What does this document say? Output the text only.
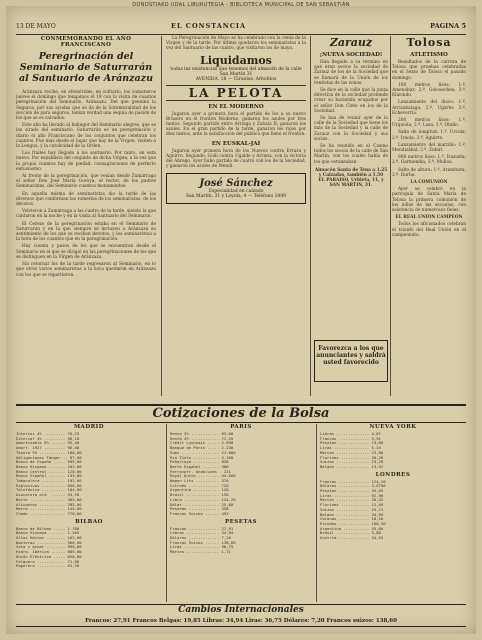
DONOSTIAKO UDAL LIBURUTEGIA - BIBLIOTECA MUNICIPAL DE SAN SEBASTIÁN
13 DE MAYO	EL CONSTANCIA	PAGINA 5
CONMEMORANDO EL AÑO FRANCISCANO
Peregrinación del Seminario de Saturrarán al Santuario de Aránzazu

Aránzazu recibe, en efemérides, en solitario, los comuneros jueves el domingo que tengamos el 19 con la visita de cuantos peregrinación del Seminario, Aránzazu. Del que genuina la Seguros, por sus ayudas que se da de la Sorenteralidad de los sección de para seguros, tenían verdad una sequia de pasión de los que se es salvados.

Este año ha llevado al bahugor del Seminario alegres, que se las sirado del seminario. Saturrarán es un peregrinación y diario el año Franciscano de los conjuntos que celebran los cuantos. Fue más desde el lugar que hay de la Virgen, visiten a la Lengua, y la catolicidad de la Orden.

Los frailes hay llegado a los santuario. Por tanto, en esta nuevo. Por espaldista del conjunto de dicha Virgen, a la vez que la propia cuantos hay de piedad, consagraciones de perfecto entusiasmo.

Al frente de la peregrinación, que venían desde Zumárraga el señor Don José María Goroya, el rector, de los padres Seminaristas, del Seminario cuantos monumentos.

En aquella misma de seminaristas dio la tarde de las diversos que conforman las romerías de los seminaristas, de los devotos.

Volvieron a Zumárraga a las cuatro de la tarde, siendo la que cantaron en la noche y en la visita al Santuario del Seminario.

El Cerezo de la peregrinación estaba en el Seminario de Saturrarán y en la que siempre se incluyen a Aránzazu su sentimiento de los que se reciben devotos, y los seminaristas a la hora de los cuantos que en la peregrinación.

Hay cuenta y pasos de los que se encuentran desde el Seminario en el que se dirigió en las peregrinaciones de los que se distinguen en la Virgen de Aránzazu.

Sin retornar los de la tarde regresaron al Seminario, en lo que otros varios seminaristas a la hora quedaron en Aránzazu con los que se repartieron.

La Peregrinación de Mayo se ha celebrado con la venia de la Virgen y de la tarde. Por último quedaron los seminaristas a la vez del Santuario de las cuatro, que visitaron los de mayo.

Liquidamos
todas las existencias que tenemos del almacén de la calle San Martín 31
AVENIDA, 18 — Ciruelos, Arbolitos
LA PELOTA
EN EL MODERNO

Jugaron ayer a primera hora el partido de los a su nuevo Brasero en el frontón Moderno, ganaron los azules por tres tantos. Segundo partido entre Arriaga y Zabala II; ganaron los azules. En el gran partido de la tarde, ganaron los rojos por diez tantos, ante la satisfacción del público que llenó el frontón.

EN EUSKAL-JAI

Jugaron ayer primera hora de los Nuevos contra Errazu y Aguirre. Segundo, Goñi contra Ugalde y Arrieta, con la victoria del Abrego. Ayer hubo partido de cuatro con los de la Sociedad, y ganaron los azules de Mendi.

José Sánchez
Especialidad en calzado
San Martín, 31 y Loyola, 4 — Teléfono 1009
Zarauz
¡NUEVA SOCIEDAD!

Han llegado a su termino en que eran socios la sociedad de Zarauz de los de la Sociedad que se llamará de la Unión de los rentistas de las zonas.

Se dice en la calle que la junta directiva de la sociedad pretende crear su hacienda ocupados por el señor Don Cleto en los de la Sociedad.

Se han de reunir ayer de la calle de la Sociedad que tiene los más de la Sociedad y la calle de Zarauz con la Sociedad y sus socios.

Se ha reunido en el Casino todos los socios de la calle de San Martín, con los cuales había de los que veraneaban.

Almacén Santa de Tena a 1.25
y Calzadas, también a 1.50
EL PARAISO, Urbieta, 11, y
SAN MARTIN, 31.
Favorezca a los que anunciantes y saldrá usted favorecido
Tolosa
ATLETISMO

Resultados de la carrera de Tolosa que pruebas celebradas en el Sexto de Tolosa el pasado domingo.

100 metros lisos: 1.º, Amenabar; 2.º, Goicoechea; 3.º, Elizondo.

Lanzamiento del disco: 1.º, Arrizabalaga; 2.º, Ugarte; 3.º, Echeverría.

200 metros lisos: 1.º, Urquiola; 2.º, Lasa; 3.º, Otaño.

Salto de longitud: 1.º, Urcola; 2.º, Iraola; 3.º, Aguirre.

Lanzamiento del martillo: 1.º, Mendizábal; 2.º, Zubiri.

800 metros lisos: 1.º, Irazusta; 2.º, Garmendia; 3.º, Muñoa.

Salto de altura: 1.º, Aramburu; 2.º, Iturbe.

LA COMUNIÓN

Ayer se celebró en la parroquia de Santa María de Tolosa la primera comunión de los niños de las escuelas, con asistencia de numerosos fieles.

EL REAL UNION CAMPEON

Todos los aficionados celebran el triunfo del Real Unión en el campeonato.

Cotizaciones de la Bolsa
MADRID
Interior 4% ......... 76,25
Exterior 4% ......... 90,10
Amortizable 5% ...... 95,40
Amort. 1927 ......... 96,50
Tesoro 5% ........... 100,80
Obligaciones Tánger .. 87,00
Banco de España ..... 595,00
Banco Hispano ....... 202,00
Banco Central ....... 120,00
Banco Español ....... 133,00
Tabacalera .......... 192,00
Explosivos .......... 850,00
Telefónica .......... 104,00
Azucarera ord. ...... 44,50
Norte ............... 483,00
Alicantes ........... 395,00
Metro ............... 144,00
Chade ............... 770,00
BILBAO
Banco de Bilbao ..... 1.780
Banco Vizcaya ....... 1.265
Altos Hornos ........ 162,00
Navieras ............ 560,00
Sota y Aznar ........ 995,00
Hidro. Ibérica ...... 685,00
Unión Eléctrica ..... 620,00
Felguera ............ 71,00
Papelera ............ 91,50
PARIS
Renta 3% ............ 63,00
Renta 4% ............ 72,45
Crédit Lyonnais ..... 2.890
Banque de Paris ..... 2.230
Suez ................ 21.000
Rio Tinto ........... 4.100
Peñarroya ........... 830
Norte Español ....... 380
Ferrocarr. Andaluces . 221
Royal Dutch ......... 44.000
Wagon Lits .......... 370
Citroën ............. 720
Argentina ........... 128
Brasil .............. 158
Libra ............... 124,20
Dólar ............... 25,60
Pesetas ............. 358
Francos Suizos ...... 493
PESETAS
Francos ............. 27,91
Libras .............. 34,94
Dólares ............. 7,20
Francos Suizos ...... 138,60
Liras ............... 36,75
Marcos .............. 1,71
NUEVA YORK
Libras .............. 4,87
Francos ............. 3,91
Pesetas ............. 13,89
Liras ............... 5,24
Marcos .............. 23,80
Florines ............ 40,20
Suizos .............. 19,29
Belgas .............. 13,92
LONDRES
Francos ............. 124,20
Dólares ............. 4,8700
Pesetas ............. 35,05
Liras ............... 92,90
Marcos .............. 20,42
Florines ............ 12,09
Suizos .............. 25,21
Belgas .............. 34,95
Coronas ............. 18,16
Escudos ............. 108,50
Argentina ........... 45,60
Brasil .............. 5,80
Austria ............. 34,55
Cambios Internacionales
Francos: 27,91 Francos Belgas: 19,85 Libras: 34,94 Liras: 36,75 Dólares: 7,20 Francos suizos: 138,60
